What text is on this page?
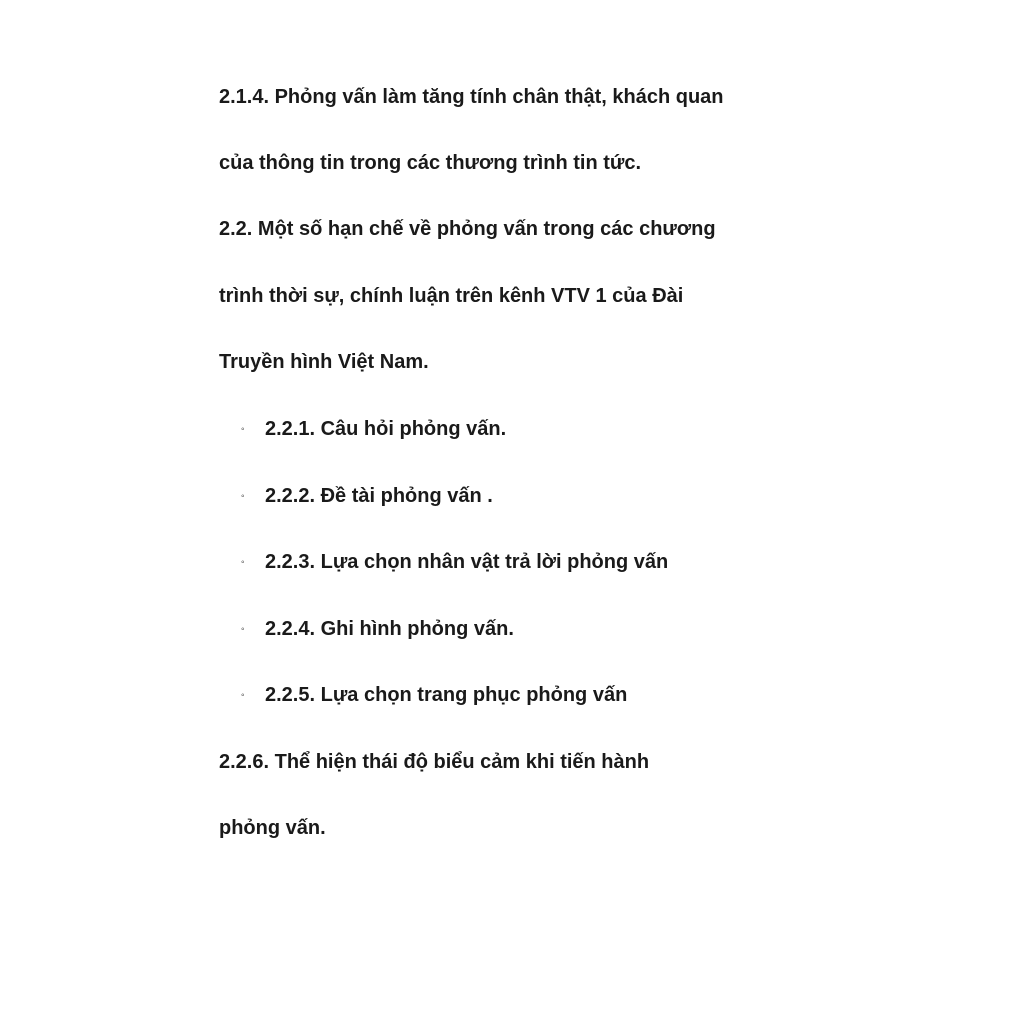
2.1.4. Phỏng vấn làm tăng tính chân thật, khách quan
của thông tin trong các thương trình tin tức.
2.2. Một số hạn chế về phỏng vấn trong các chương
trình thời sự, chính luận trên kênh VTV 1 của Đài
Truyền hình Việt Nam.
◦ 2.2.1. Câu hỏi phỏng vấn.
◦ 2.2.2. Đề tài phỏng vấn .
◦ 2.2.3. Lựa chọn nhân vật trả lời phỏng vấn
◦ 2.2.4. Ghi hình phỏng vấn.
◦ 2.2.5. Lựa chọn trang phục phỏng vấn
2.2.6. Thể hiện thái độ biểu cảm khi tiến hành
phỏng vấn.
